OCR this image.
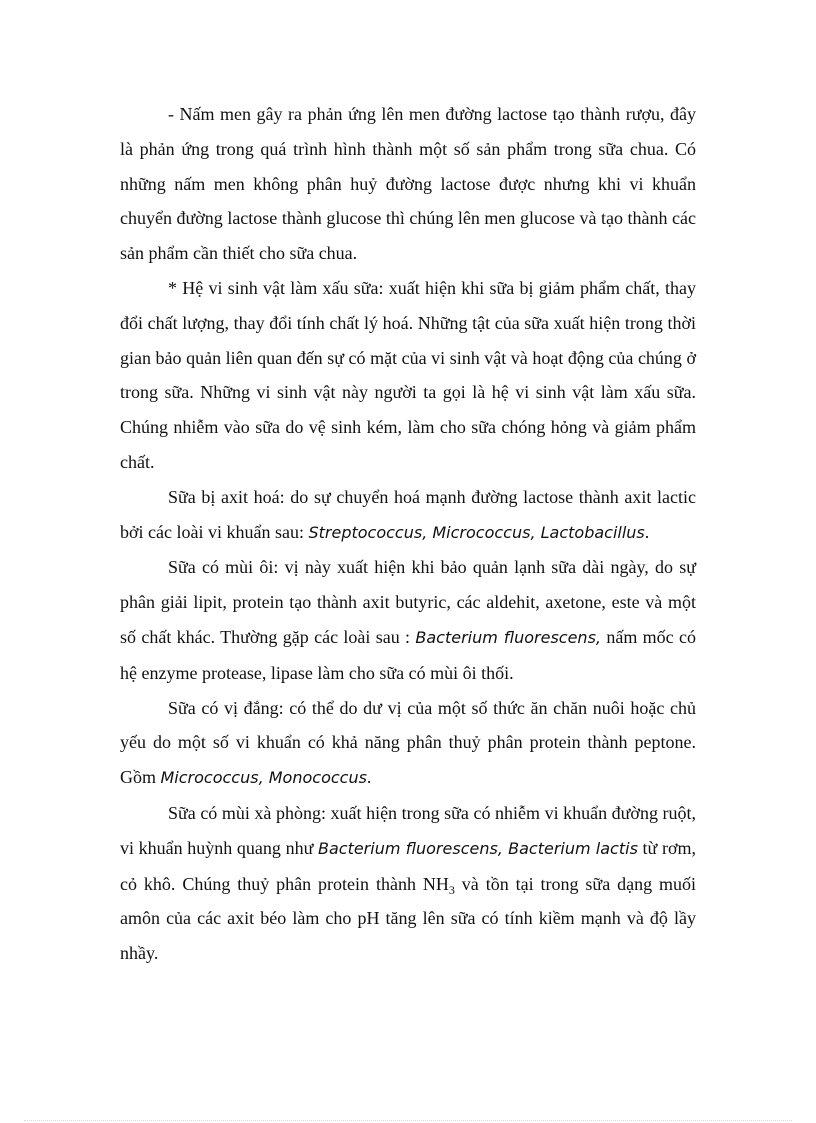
- Nấm men gây ra phản ứng lên men đường lactose tạo thành rượu, đây là phản ứng trong quá trình hình thành một số sản phẩm trong sữa chua. Có những nấm men không phân huỷ đường lactose được nhưng khi vi khuẩn chuyển đường lactose thành glucose thì chúng lên men glucose và tạo thành các sản phẩm cần thiết cho sữa chua.

* Hệ vi sinh vật làm xấu sữa: xuất hiện khi sữa bị giảm phẩm chất, thay đổi chất lượng, thay đổi tính chất lý hoá. Những tật của sữa xuất hiện trong thời gian bảo quản liên quan đến sự có mặt của vi sinh vật và hoạt động của chúng ở trong sữa. Những vi sinh vật này người ta gọi là hệ vi sinh vật làm xấu sữa. Chúng nhiễm vào sữa do vệ sinh kém, làm cho sữa chóng hỏng và giảm phẩm chất.

Sữa bị axit hoá: do sự chuyển hoá mạnh đường lactose thành axit lactic bởi các loài vi khuẩn sau: Streptococcus, Micrococcus, Lactobacillus.

Sữa có mùi ôi: vị này xuất hiện khi bảo quản lạnh sữa dài ngày, do sự phân giải lipit, protein tạo thành axit butyric, các aldehit, axetone, este và một số chất khác. Thường gặp các loài sau : Bacterium fluorescens, nấm mốc có hệ enzyme protease, lipase làm cho sữa có mùi ôi thối.

Sữa có vị đắng: có thể do dư vị của một số thức ăn chăn nuôi hoặc chủ yếu do một số vi khuẩn có khả năng phân thuỷ phân protein thành peptone. Gồm Micrococcus, Monococcus.

Sữa có mùi xà phòng: xuất hiện trong sữa có nhiễm vi khuẩn đường ruột, vi khuẩn huỳnh quang như Bacterium fluorescens, Bacterium lactis từ rơm, cỏ khô. Chúng thuỷ phân protein thành $NH_3$ và tồn tại trong sữa dạng muối amôn của các axit béo làm cho pH tăng lên sữa có tính kiềm mạnh và độ lầy nhầy.
